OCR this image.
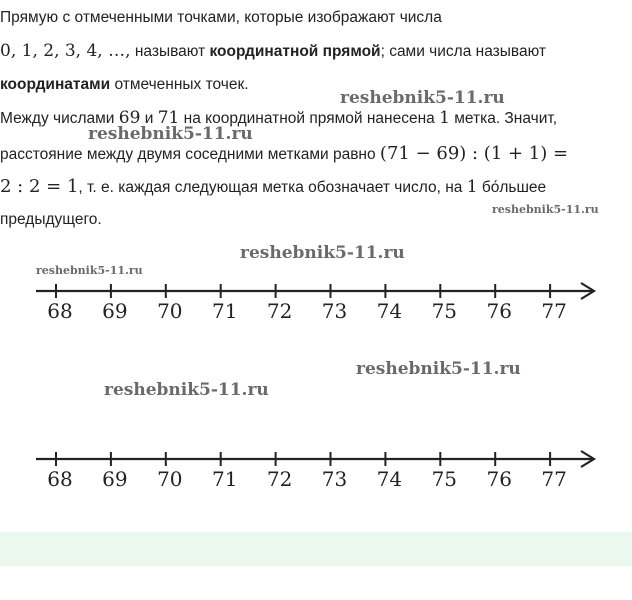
Прямую с отмеченными точками, которые изображают числа
0, 1, 2, 3, 4, …, называют координатной прямой; сами числа называют
координатами отмеченных точек.
Между числами 69 и 71 на координатной прямой нанесена 1 метка. Значит,
расстояние между двумя соседними метками равно (71 − 69) : (1 + 1) =
2 : 2 = 1, т. е. каждая следующая метка обозначает число, на 1 бо́льшее
предыдущего.
reshebnik5-11.ru
reshebnik5-11.ru
reshebnik5-11.ru
reshebnik5-11.ru
reshebnik5-11.ru
reshebnik5-11.ru
reshebnik5-11.ru
68 69 70 71 72 73 74 75 76 77
68 69 70 71 72 73 74 75 76 77
